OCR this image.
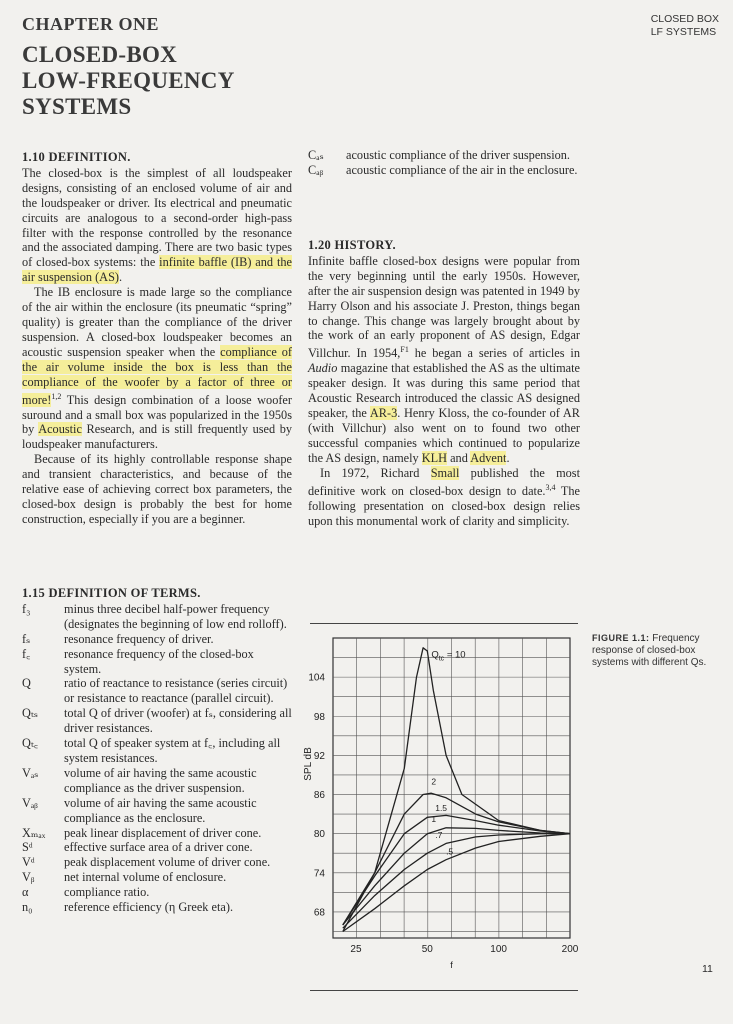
CHAPTER ONE
CLOSED-BOX
LOW-FREQUENCY
SYSTEMS
CLOSED BOX
LF SYSTEMS
1.10 DEFINITION.

The closed-box is the simplest of all loudspeaker designs, consisting of an enclosed volume of air and the loudspeaker or driver. Its electrical and pneumatic circuits are analogous to a second-order high-pass filter with the response controlled by the resonance and the associated damping. There are two basic types of closed-box systems: the infinite baffle (IB) and the air suspension (AS).

The IB enclosure is made large so the compliance of the air within the enclosure (its pneumatic “spring” quality) is greater than the compliance of the driver suspension. A closed-box loudspeaker becomes an acoustic suspension speaker when the compliance of the air volume inside the box is less than the compliance of the woofer by a factor of three or more!$^{1,2}$ This design combination of a loose woofer suround and a small box was popularized in the 1950s by Acoustic Research, and is still frequently used by loudspeaker manufacturers.

Because of its highly controllable response shape and transient characteristics, and because of the relative ease of achieving correct box parameters, the closed-box design is probably the best for home construction, especially if you are a beginner.

1.15 DEFINITION OF TERMS.
f₃	minus three decibel half-power frequency (designates the beginning of low end rolloff).
fₛ	resonance frequency of driver.
f꜀	resonance frequency of the closed-box system.
Q	ratio of reactance to resistance (series circuit) or resistance to reactance (parallel circuit).
Qₜₛ	total Q of driver (woofer) at fₛ, considering all driver resistances.
Qₜ꜀	total Q of speaker system at f꜀, including all system resistances.
Vₐₛ	volume of air having the same acoustic compliance as the driver suspension.
Vₐᵦ	volume of air having the same acoustic compliance as the enclosure.
Xₘₐₓ	peak linear displacement of driver cone.
Sᵈ	effective surface area of a driver cone.
Vᵈ	peak displacement volume of driver cone.
Vᵦ	net internal volume of enclosure.
α	compliance ratio.
n₀	reference efficiency (η Greek eta).
Cₐₛ	acoustic compliance of the driver suspension.
Cₐᵦ	acoustic compliance of the air in the enclosure.
1.20 HISTORY.

Infinite baffle closed-box designs were popular from the very beginning until the early 1950s. However, after the air suspension design was patented in 1949 by Harry Olson and his associate J. Preston, things began to change. This change was largely brought about by the work of an early proponent of AS design, Edgar Villchur. In 1954,$^{F1}$ he began a series of articles in Audio magazine that established the AS as the ultimate speaker design. It was during this same period that Acoustic Research introduced the classic AS designed speaker, the AR-3. Henry Kloss, the co-founder of AR (with Villchur) also went on to found two other successful companies which continued to popularize the AS design, namely KLH and Advent.

In 1972, Richard Small published the most definitive work on closed-box design to date.$^{3,4}$ The following presentation on closed-box design relies upon this monumental work of clarity and simplicity.

68
74
80
86
92
98
104
25	50	100	200
SPL dB
f
$Q_{tc} = 10$
2
1.5
1
.7
.5
FIGURE 1.1: Frequency response of closed-box systems with different Qs.
11
